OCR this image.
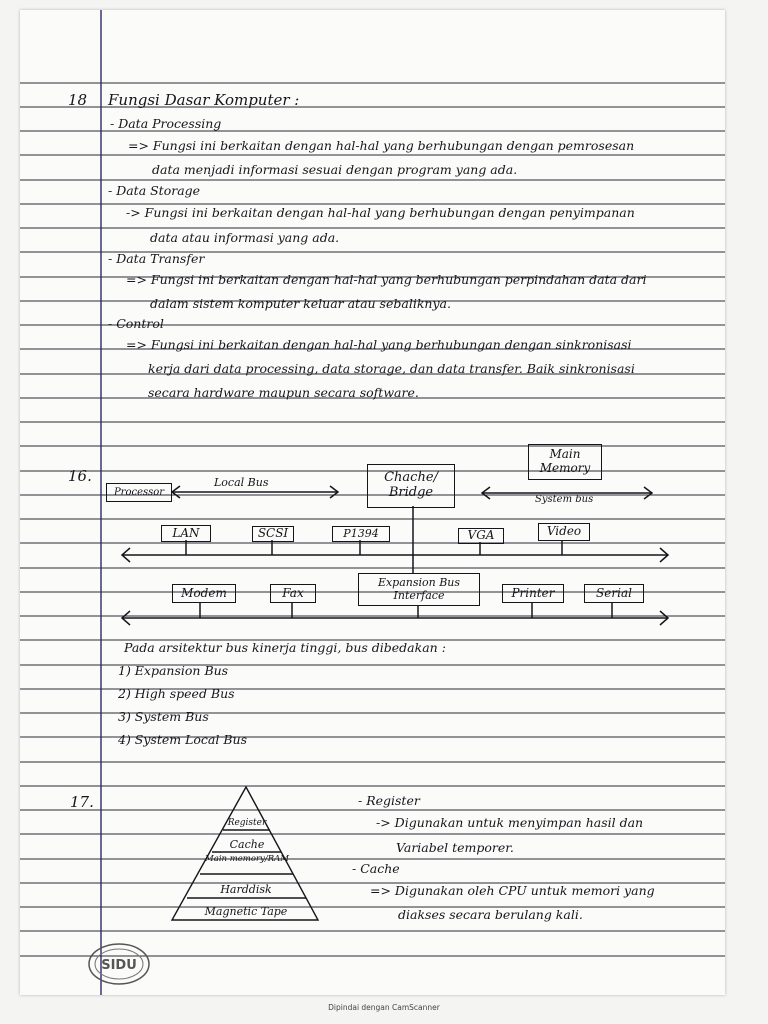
18 Fungsi Dasar Komputer :
- Data Processing
=> Fungsi ini berkaitan dengan hal-hal yang berhubungan dengan pemrosesan
data menjadi informasi sesuai dengan program yang ada.
- Data Storage
-> Fungsi ini berkaitan dengan hal-hal yang berhubungan dengan penyimpanan
data atau informasi yang ada.
- Data Transfer
=> Fungsi ini berkaitan dengan hal-hal yang berhubungan perpindahan data dari
dalam sistem komputer keluar atau sebaliknya.
- Control
=> Fungsi ini berkaitan dengan hal-hal yang berhubungan dengan sinkronisasi
kerja dari data processing, data storage, dan data transfer. Baik sinkronisasi
secara hardware maupun secara software.
16.
Processor
Local Bus	Chache/
Bridge
Main
Memory
System bus
LAN	SCSI	P1394	VGA	Video
Modem	Fax
Expansion Bus
Interface	Printer	Serial
Pada arsitektur bus kinerja tinggi, bus dibedakan :
1) Expansion Bus
2) High speed Bus
3) System Bus
4) System Local Bus
17.
Register
Cache
Main memory/RAM
Harddisk
Magnetic Tape
- Register
-> Digunakan untuk menyimpan hasil dan
Variabel temporer.
- Cache
=> Digunakan oleh CPU untuk memori yang
diakses secara berulang kali.
SIDU
Dipindai dengan CamScanner
